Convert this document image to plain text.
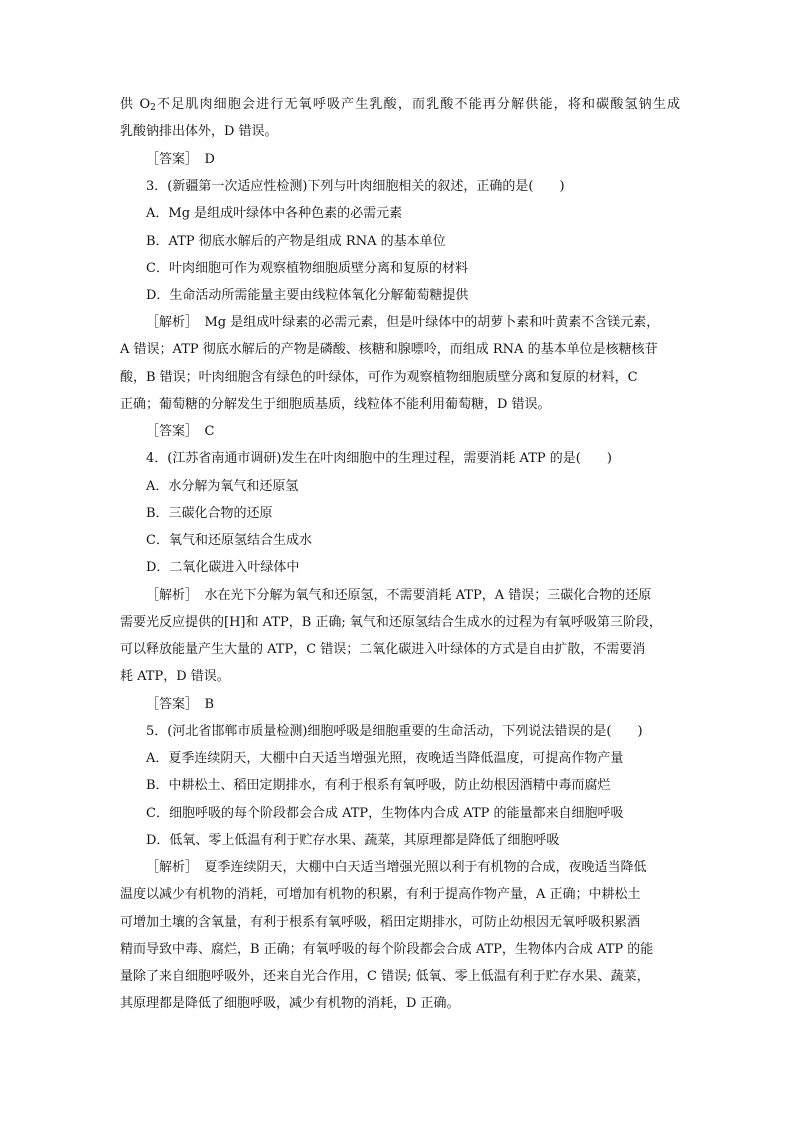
供 $O_2$不足肌肉细胞会进行无氧呼吸产生乳酸，而乳酸不能再分解供能，将和碳酸氢钠生成
乳酸钠排出体外，D 错误。
［答案］　D
3．(新疆第一次适应性检测)下列与叶肉细胞相关的叙述，正确的是(　　)
A．Mg 是组成叶绿体中各种色素的必需元素
B．ATP 彻底水解后的产物是组成 RNA 的基本单位
C．叶肉细胞可作为观察植物细胞质壁分离和复原的材料
D．生命活动所需能量主要由线粒体氧化分解葡萄糖提供
［解析］　Mg 是组成叶绿素的必需元素，但是叶绿体中的胡萝卜素和叶黄素不含镁元素，
A 错误；ATP 彻底水解后的产物是磷酸、核糖和腺嘌呤，而组成 RNA 的基本单位是核糖核苷
酸，B 错误；叶肉细胞含有绿色的叶绿体，可作为观察植物细胞质壁分离和复原的材料，C
正确；葡萄糖的分解发生于细胞质基质，线粒体不能利用葡萄糖，D 错误。
［答案］　C
4．(江苏省南通市调研)发生在叶肉细胞中的生理过程，需要消耗 ATP 的是(　　)
A．水分解为氧气和还原氢
B．三碳化合物的还原
C．氧气和还原氢结合生成水
D．二氧化碳进入叶绿体中
［解析］　水在光下分解为氧气和还原氢，不需要消耗 ATP，A 错误；三碳化合物的还原
需要光反应提供的[H]和 ATP，B 正确; 氧气和还原氢结合生成水的过程为有氧呼吸第三阶段，
可以释放能量产生大量的 ATP，C 错误；二氧化碳进入叶绿体的方式是自由扩散，不需要消
耗 ATP，D 错误。
［答案］　B
5．(河北省邯郸市质量检测)细胞呼吸是细胞重要的生命活动，下列说法错误的是(　　)
A．夏季连续阴天，大棚中白天适当增强光照，夜晚适当降低温度，可提高作物产量
B．中耕松土、稻田定期排水，有利于根系有氧呼吸，防止幼根因酒精中毒而腐烂
C．细胞呼吸的每个阶段都会合成 ATP，生物体内合成 ATP 的能量都来自细胞呼吸
D．低氧、零上低温有利于贮存水果、蔬菜，其原理都是降低了细胞呼吸
［解析］　夏季连续阴天，大棚中白天适当增强光照以利于有机物的合成，夜晚适当降低
温度以减少有机物的消耗，可增加有机物的积累，有利于提高作物产量，A 正确；中耕松土
可增加土壤的含氧量，有利于根系有氧呼吸，稻田定期排水，可防止幼根因无氧呼吸积累酒
精而导致中毒、腐烂，B 正确；有氧呼吸的每个阶段都会合成 ATP，生物体内合成 ATP 的能
量除了来自细胞呼吸外，还来自光合作用，C 错误; 低氧、零上低温有利于贮存水果、蔬菜，
其原理都是降低了细胞呼吸，减少有机物的消耗，D 正确。
